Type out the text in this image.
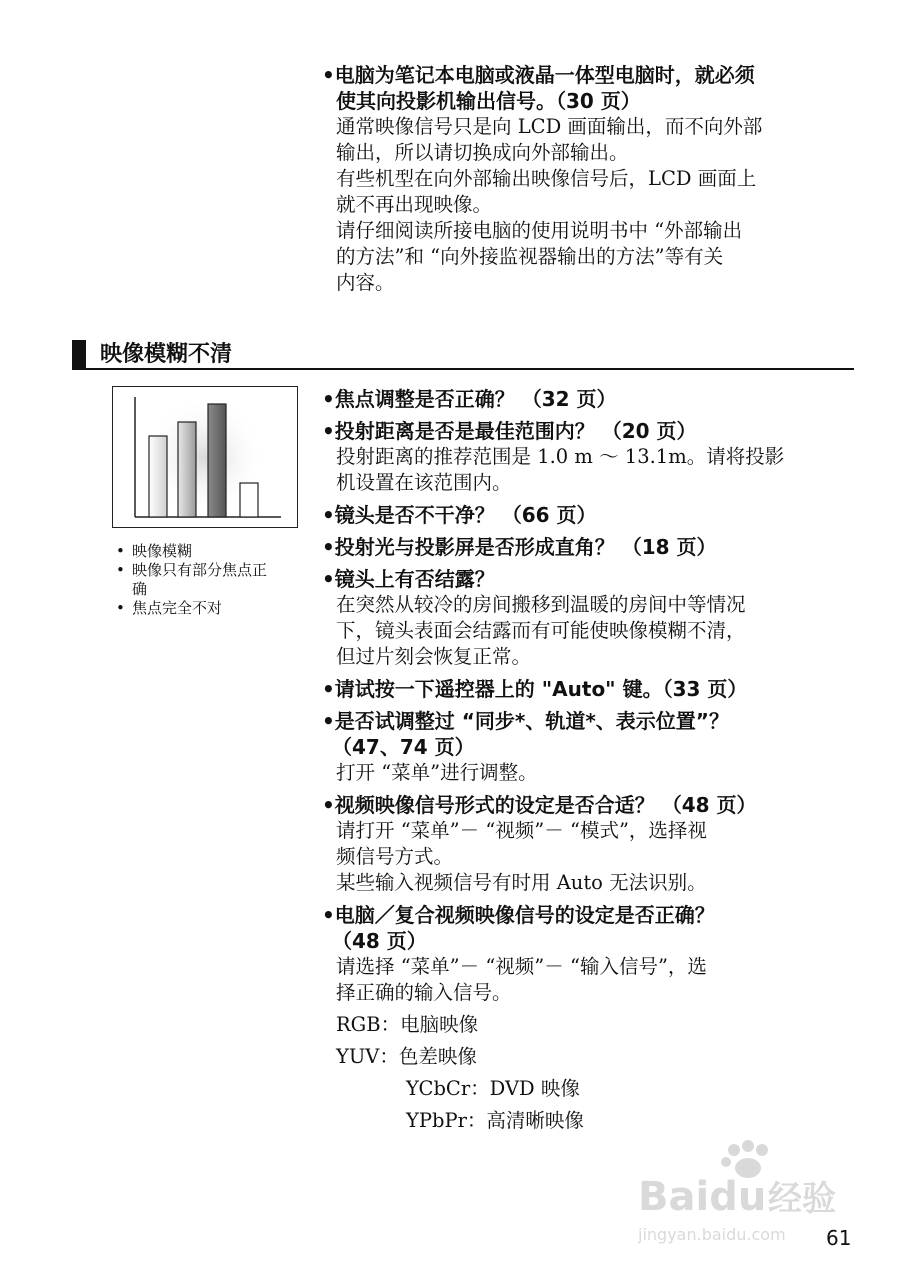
•电脑为笔记本电脑或液晶一体型电脑时，就必须
使其向投影机输出信号。（30 页）
通常映像信号只是向 LCD 画面输出，而不向外部
输出，所以请切换成向外部输出。
有些机型在向外部输出映像信号后，LCD 画面上
就不再出现映像。
请仔细阅读所接电脑的使用说明书中 “外部输出
的方法”和 “向外接监视器输出的方法”等有关
内容。
映像模糊不清
• 映像模糊
• 映像只有部分焦点正
确
• 焦点完全不对
•焦点调整是否正确？ （32 页）
•投射距离是否是最佳范围内？ （20 页）
投射距离的推荐范围是 1.0 m ～ 13.1m。请将投影
机设置在该范围内。
•镜头是否不干净？ （66 页）
•投射光与投影屏是否形成直角？ （18 页）
•镜头上有否结露？
在突然从较冷的房间搬移到温暖的房间中等情况
下，镜头表面会结露而有可能使映像模糊不清，
但过片刻会恢复正常。
•请试按一下遥控器上的 "Auto" 键。（33 页）
•是否试调整过 “同步*、轨道*、表示位置”？
（47、74 页）
打开 “菜单”进行调整。
•视频映像信号形式的设定是否合适？ （48 页）
请打开 “菜单”－ “视频”－ “模式”，选择视
频信号方式。
某些输入视频信号有时用 Auto 无法识别。
•电脑／复合视频映像信号的设定是否正确？
（48 页）
请选择 “菜单”－ “视频”－ “输入信号”，选
择正确的输入信号。
RGB：电脑映像
YUV：色差映像
YCbCr：DVD 映像
YPbPr：高清晰映像
Baidu 经验
jingyan.baidu.com 61
